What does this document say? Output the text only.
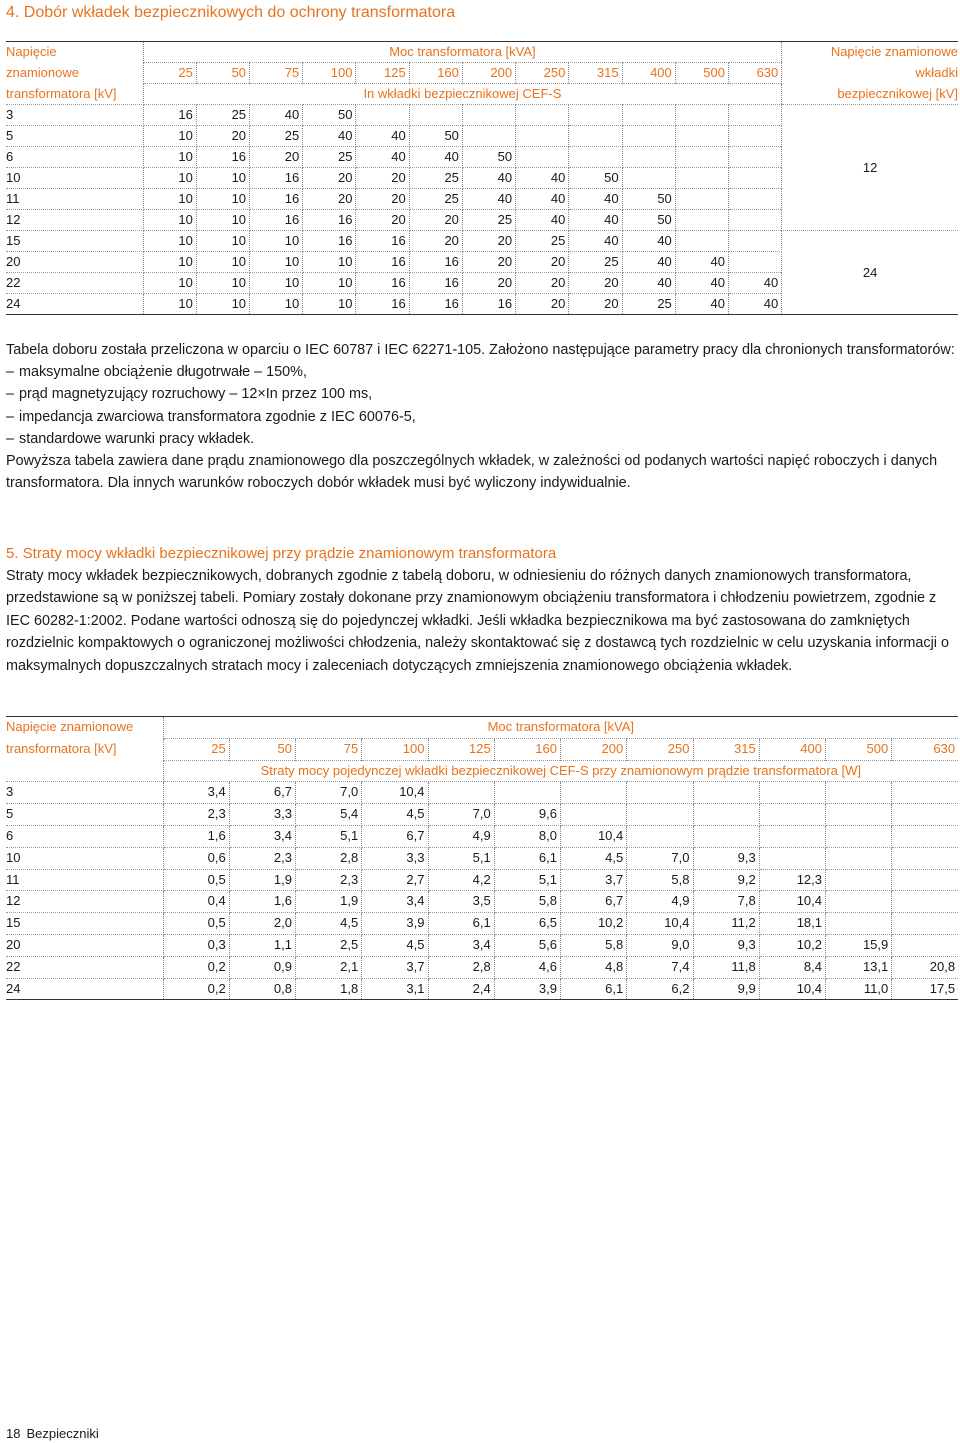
4. Dobór wkładek bezpiecznikowych do ochrony transformatora
Napięcie	Moc transformatora [kVA]												Napięcie znamionowe
znamionowe	25	50	75	100	125	160	200	250	315	400	500	630	wkładki
transformatora [kV]	In wkładki bezpiecznikowej CEF-S												bezpiecznikowej [kV]
3	16	25	40	50									12
5	10	20	25	40	40	50							
6	10	16	20	25	40	40	50						
10	10	10	16	20	20	25	40	40	50				
11	10	10	16	20	20	25	40	40	40	50			
12	10	10	16	16	20	20	25	40	40	50			
15	10	10	10	16	16	20	20	25	40	40			24
20	10	10	10	10	16	16	20	20	25	40	40		
22	10	10	10	10	16	16	20	20	20	40	40	40	
24	10	10	10	10	16	16	16	20	20	25	40	40	

Tabela doboru została przeliczona w oparciu o IEC 60787 i IEC 62271-105. Założono następujące parametry pracy dla chronionych transformatorów:

– maksymalne obciążenie długotrwałe – 150%,

– prąd magnetyzujący rozruchowy – 12×In przez 100 ms,

– impedancja zwarciowa transformatora zgodnie z IEC 60076-5,

– standardowe warunki pracy wkładek.

Powyższa tabela zawiera dane prądu znamionowego dla poszczególnych wkładek, w zależności od podanych wartości napięć roboczych i danych transformatora. Dla innych warunków roboczych dobór wkładek musi być wyliczony indywidualnie.

5. Straty mocy wkładki bezpiecznikowej przy prądzie znamionowym transformatora

Straty mocy wkładek bezpiecznikowych, dobranych zgodnie z tabelą doboru, w odniesieniu do różnych danych znamionowych transformatora, przedstawione są w poniższej tabeli. Pomiary zostały dokonane przy znamionowym obciążeniu transformatora i chłodzeniu powietrzem, zgodnie z IEC 60282-1:2002. Podane wartości odnoszą się do pojedynczej wkładki. Jeśli wkładka bezpiecznikowa ma być zastosowana do zamkniętych rozdzielnic kompaktowych o ograniczonej możliwości chłodzenia, należy skontaktować się z dostawcą tych rozdzielnic w celu uzyskania informacji o maksymalnych dopuszczalnych stratach mocy i zaleceniach dotyczących zmniejszenia znamionowego obciążenia wkładek.

Napięcie znamionowe	Moc transformatora [kVA]											
transformatora [kV]	25	50	75	100	125	160	200	250	315	400	500	630
	Straty mocy pojedynczej wkładki bezpiecznikowej CEF-S przy znamionowym prądzie transformatora [W]											
3	3,4	6,7	7,0	10,4								
5	2,3	3,3	5,4	4,5	7,0	9,6						
6	1,6	3,4	5,1	6,7	4,9	8,0	10,4					
10	0,6	2,3	2,8	3,3	5,1	6,1	4,5	7,0	9,3			
11	0,5	1,9	2,3	2,7	4,2	5,1	3,7	5,8	9,2	12,3		
12	0,4	1,6	1,9	3,4	3,5	5,8	6,7	4,9	7,8	10,4		
15	0,5	2,0	4,5	3,9	6,1	6,5	10,2	10,4	11,2	18,1		
20	0,3	1,1	2,5	4,5	3,4	5,6	5,8	9,0	9,3	10,2	15,9	
22	0,2	0,9	2,1	3,7	2,8	4,6	4,8	7,4	11,8	8,4	13,1	20,8
24	0,2	0,8	1,8	3,1	2,4	3,9	6,1	6,2	9,9	10,4	11,0	17,5
18 Bezpieczniki
